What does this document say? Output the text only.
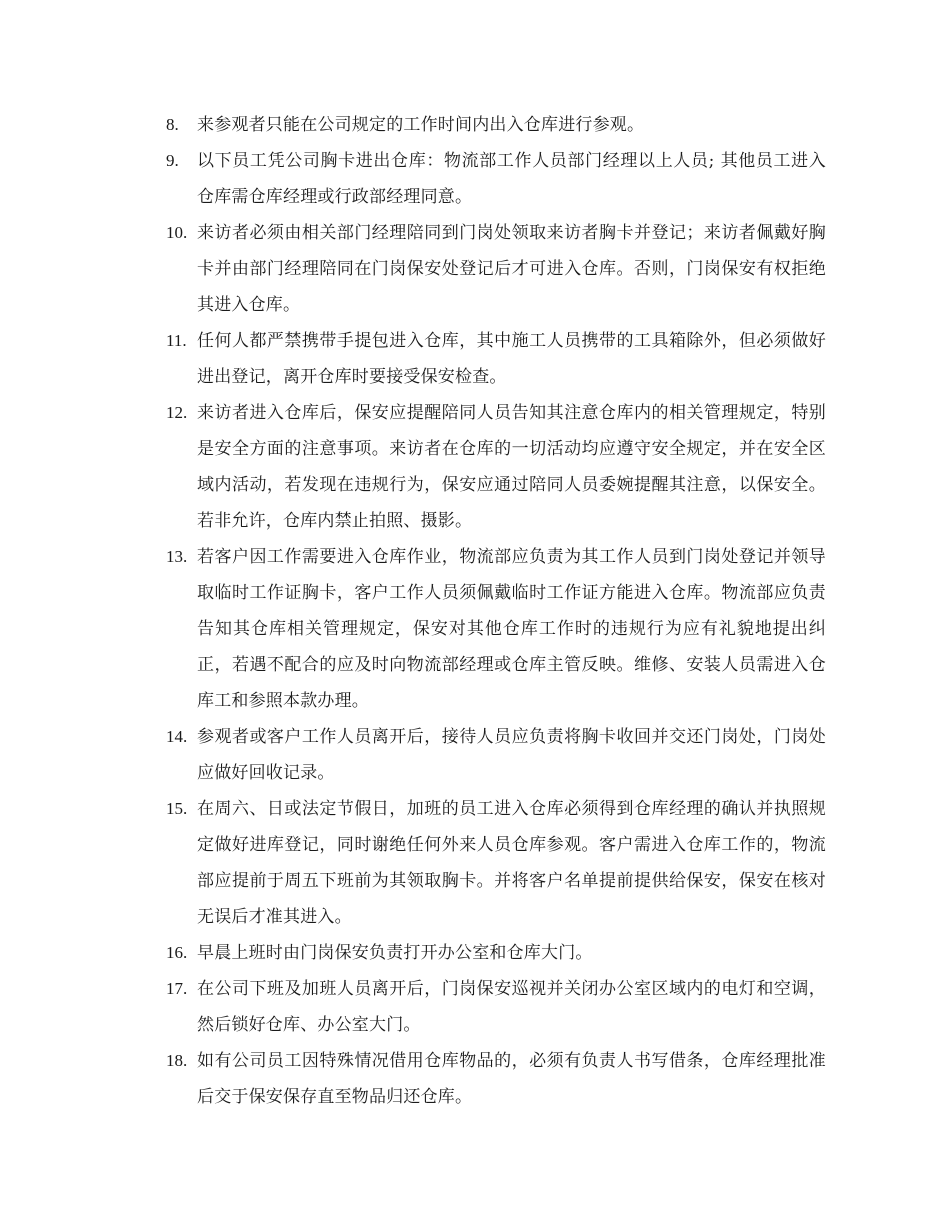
8. 来参观者只能在公司规定的工作时间内出入仓库进行参观。
9. 以下员工凭公司胸卡进出仓库：物流部工作人员部门经理以上人员; 其他员工进入仓库需仓库经理或行政部经理同意。
10. 来访者必须由相关部门经理陪同到门岗处领取来访者胸卡并登记；来访者佩戴好胸卡并由部门经理陪同在门岗保安处登记后才可进入仓库。否则，门岗保安有权拒绝其进入仓库。
11. 任何人都严禁携带手提包进入仓库，其中施工人员携带的工具箱除外，但必须做好进出登记，离开仓库时要接受保安检查。
12. 来访者进入仓库后，保安应提醒陪同人员告知其注意仓库内的相关管理规定，特别是安全方面的注意事项。来访者在仓库的一切活动均应遵守安全规定，并在安全区域内活动，若发现在违规行为，保安应通过陪同人员委婉提醒其注意，以保安全。若非允许，仓库内禁止拍照、摄影。
13. 若客户因工作需要进入仓库作业，物流部应负责为其工作人员到门岗处登记并领导取临时工作证胸卡，客户工作人员须佩戴临时工作证方能进入仓库。物流部应负责告知其仓库相关管理规定，保安对其他仓库工作时的违规行为应有礼貌地提出纠正，若遇不配合的应及时向物流部经理或仓库主管反映。维修、安装人员需进入仓库工和参照本款办理。
14. 参观者或客户工作人员离开后，接待人员应负责将胸卡收回并交还门岗处，门岗处应做好回收记录。
15. 在周六、日或法定节假日，加班的员工进入仓库必须得到仓库经理的确认并执照规定做好进库登记，同时谢绝任何外来人员仓库参观。客户需进入仓库工作的，物流部应提前于周五下班前为其领取胸卡。并将客户名单提前提供给保安，保安在核对无误后才准其进入。
16. 早晨上班时由门岗保安负责打开办公室和仓库大门。
17. 在公司下班及加班人员离开后，门岗保安巡视并关闭办公室区域内的电灯和空调，然后锁好仓库、办公室大门。
18. 如有公司员工因特殊情况借用仓库物品的，必须有负责人书写借条，仓库经理批准后交于保安保存直至物品归还仓库。
